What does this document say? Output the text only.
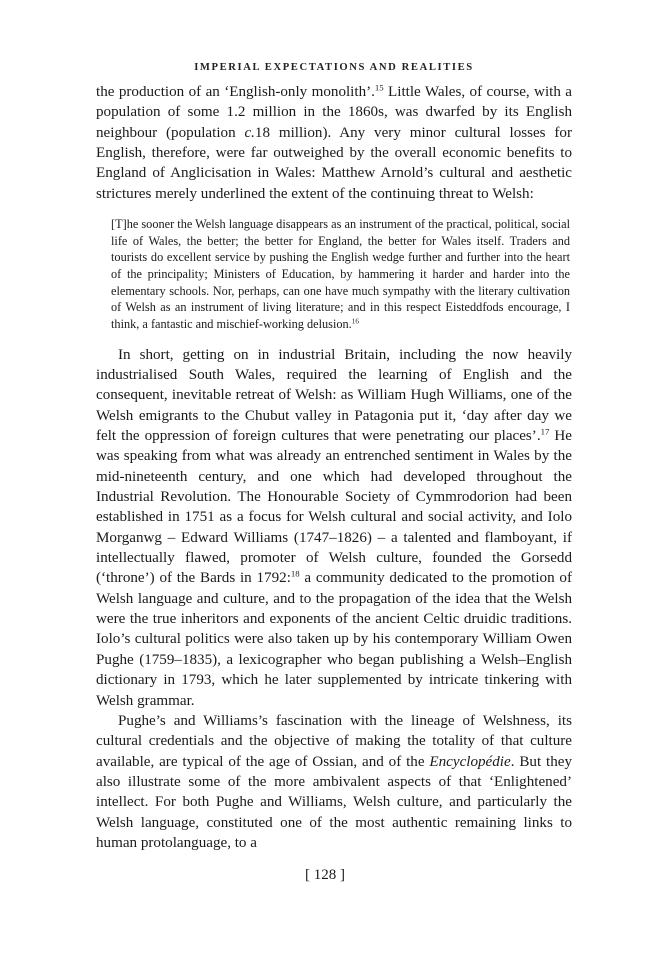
IMPERIAL EXPECTATIONS AND REALITIES

the production of an ‘English-only monolith’.$^{15}$ Little Wales, of course, with a population of some 1.2 million in the 1860s, was dwarfed by its English neighbour (population c.18 million). Any very minor cultural losses for English, therefore, were far outweighed by the overall economic benefits to England of Anglicisation in Wales: Matthew Arnold’s cultural and aesthetic strictures merely underlined the extent of the continuing threat to Welsh:

[T]he sooner the Welsh language disappears as an instrument of the practical, political, social life of Wales, the better; the better for England, the better for Wales itself. Traders and tourists do excellent service by pushing the English wedge further and further into the heart of the principality; Ministers of Education, by hammering it harder and harder into the elementary schools. Nor, perhaps, can one have much sympathy with the literary cultivation of Welsh as an instrument of living literature; and in this respect Eisteddfods encourage, I think, a fantastic and mischief-working delusion.$^{16}$

In short, getting on in industrial Britain, including the now heavily industrialised South Wales, required the learning of English and the consequent, inevitable retreat of Welsh: as William Hugh Williams, one of the Welsh emigrants to the Chubut valley in Patagonia put it, ‘day after day we felt the oppression of foreign cultures that were penetrating our places’.$^{17}$ He was speaking from what was already an entrenched sentiment in Wales by the mid-nineteenth century, and one which had developed throughout the Industrial Revolution. The Honourable Society of Cymmrodorion had been established in 1751 as a focus for Welsh cultural and social activity, and Iolo Morganwg – Edward Williams (1747–1826) – a talented and flamboyant, if intellectually flawed, promoter of Welsh culture, founded the Gorsedd (‘throne’) of the Bards in 1792:$^{18}$ a community dedicated to the promotion of Welsh language and culture, and to the propagation of the idea that the Welsh were the true inheritors and exponents of the ancient Celtic druidic traditions. Iolo’s cultural politics were also taken up by his contemporary William Owen Pughe (1759–1835), a lexicographer who began publishing a Welsh–English dictionary in 1793, which he later supplemented by intricate tinkering with Welsh grammar.

Pughe’s and Williams’s fascination with the lineage of Welshness, its cultural credentials and the objective of making the totality of that culture available, are typical of the age of Ossian, and of the Encyclopédie. But they also illustrate some of the more ambivalent aspects of that ‘Enlightened’ intellect. For both Pughe and Williams, Welsh culture, and particularly the Welsh language, constituted one of the most authentic remaining links to human protolanguage, to a

[ 128 ]
